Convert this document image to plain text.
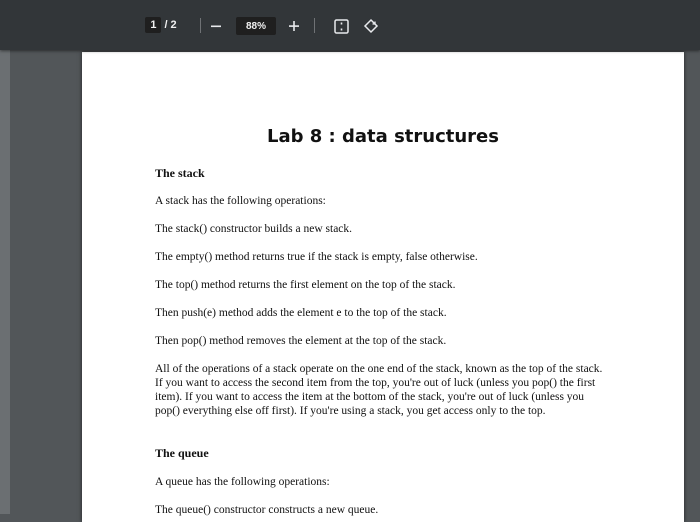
1 / 2	88%
Lab 8 : data structures

The stack

A stack has the following operations:

The stack() constructor builds a new stack.

The empty() method returns true if the stack is empty, false otherwise.

The top() method returns the first element on the top of the stack.

Then push(e) method adds the element e to the top of the stack.

Then pop() method removes the element at the top of the stack.

All of the operations of a stack operate on the one end of the stack, known as the top of the stack. If you want to access the second item from the top, you're out of luck (unless you pop() the first item). If you want to access the item at the bottom of the stack, you're out of luck (unless you pop() everything else off first). If you're using a stack, you get access only to the top.

The queue

A queue has the following operations:

The queue() constructor constructs a new queue.
